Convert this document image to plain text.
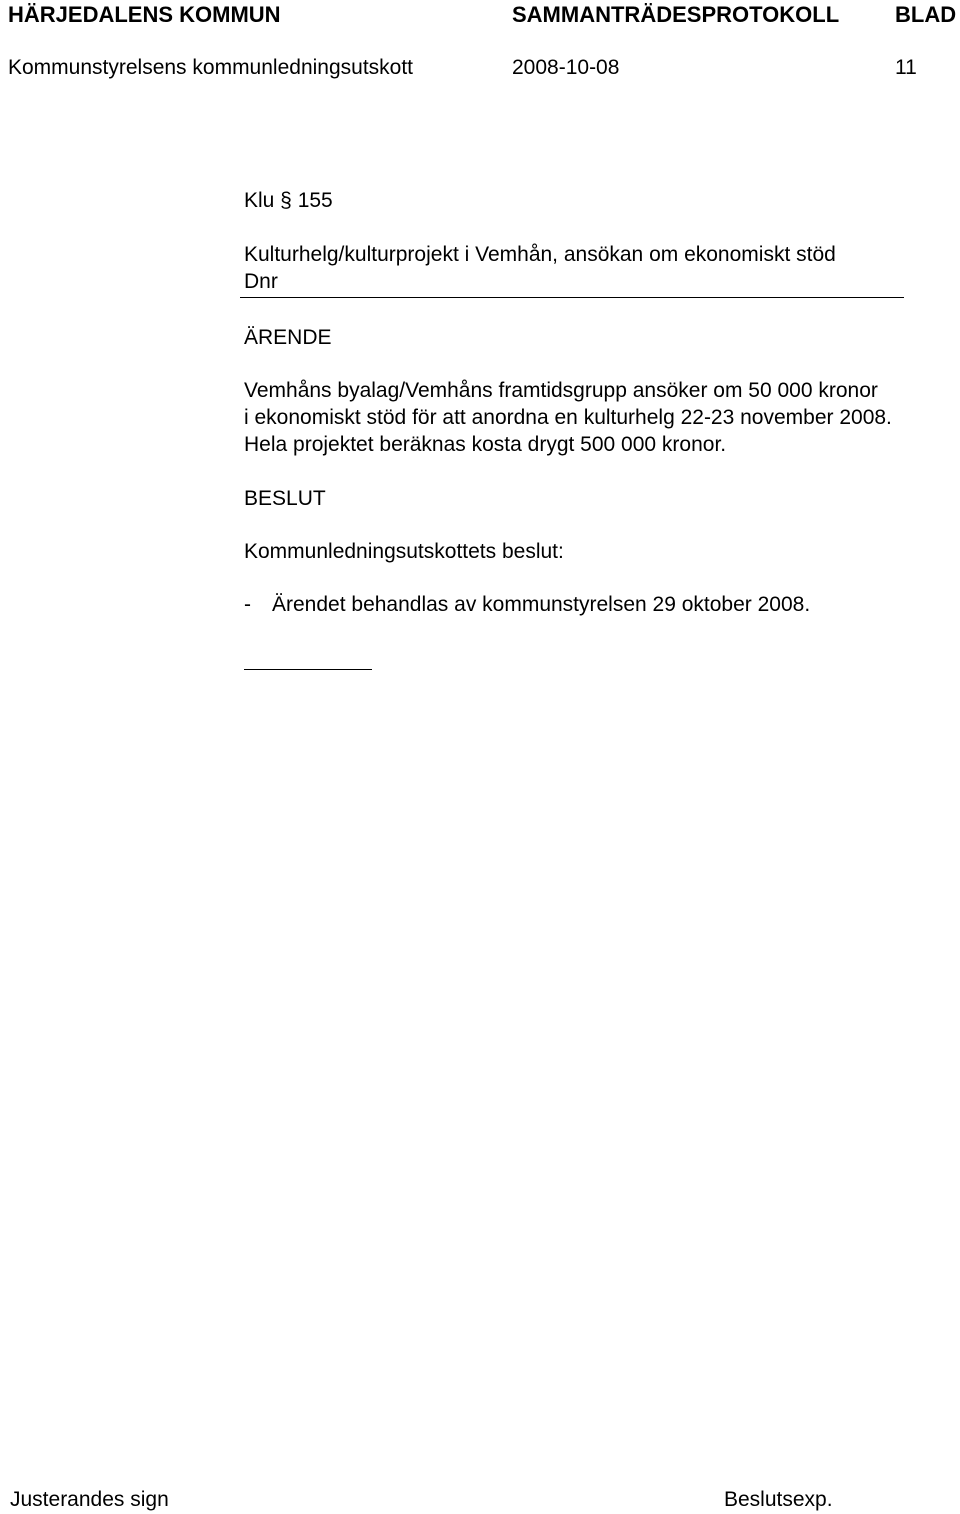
HÄRJEDALENS KOMMUN	SAMMANTRÄDESPROTOKOLL	BLAD
Kommunstyrelsens kommunledningsutskott	2008-10-08	11
Klu § 155
Kulturhelg/kulturprojekt i Vemhån, ansökan om ekonomiskt stöd
Dnr
ÄRENDE
Vemhåns byalag/Vemhåns framtidsgrupp ansöker om 50 000 kronor
i ekonomiskt stöd för att anordna en kulturhelg 22-23 november 2008.
Hela projektet beräknas kosta drygt 500 000 kronor.
BESLUT
Kommunledningsutskottets beslut:
- Ärendet behandlas av kommunstyrelsen 29 oktober 2008.
Justerandes sign	Beslutsexp.
